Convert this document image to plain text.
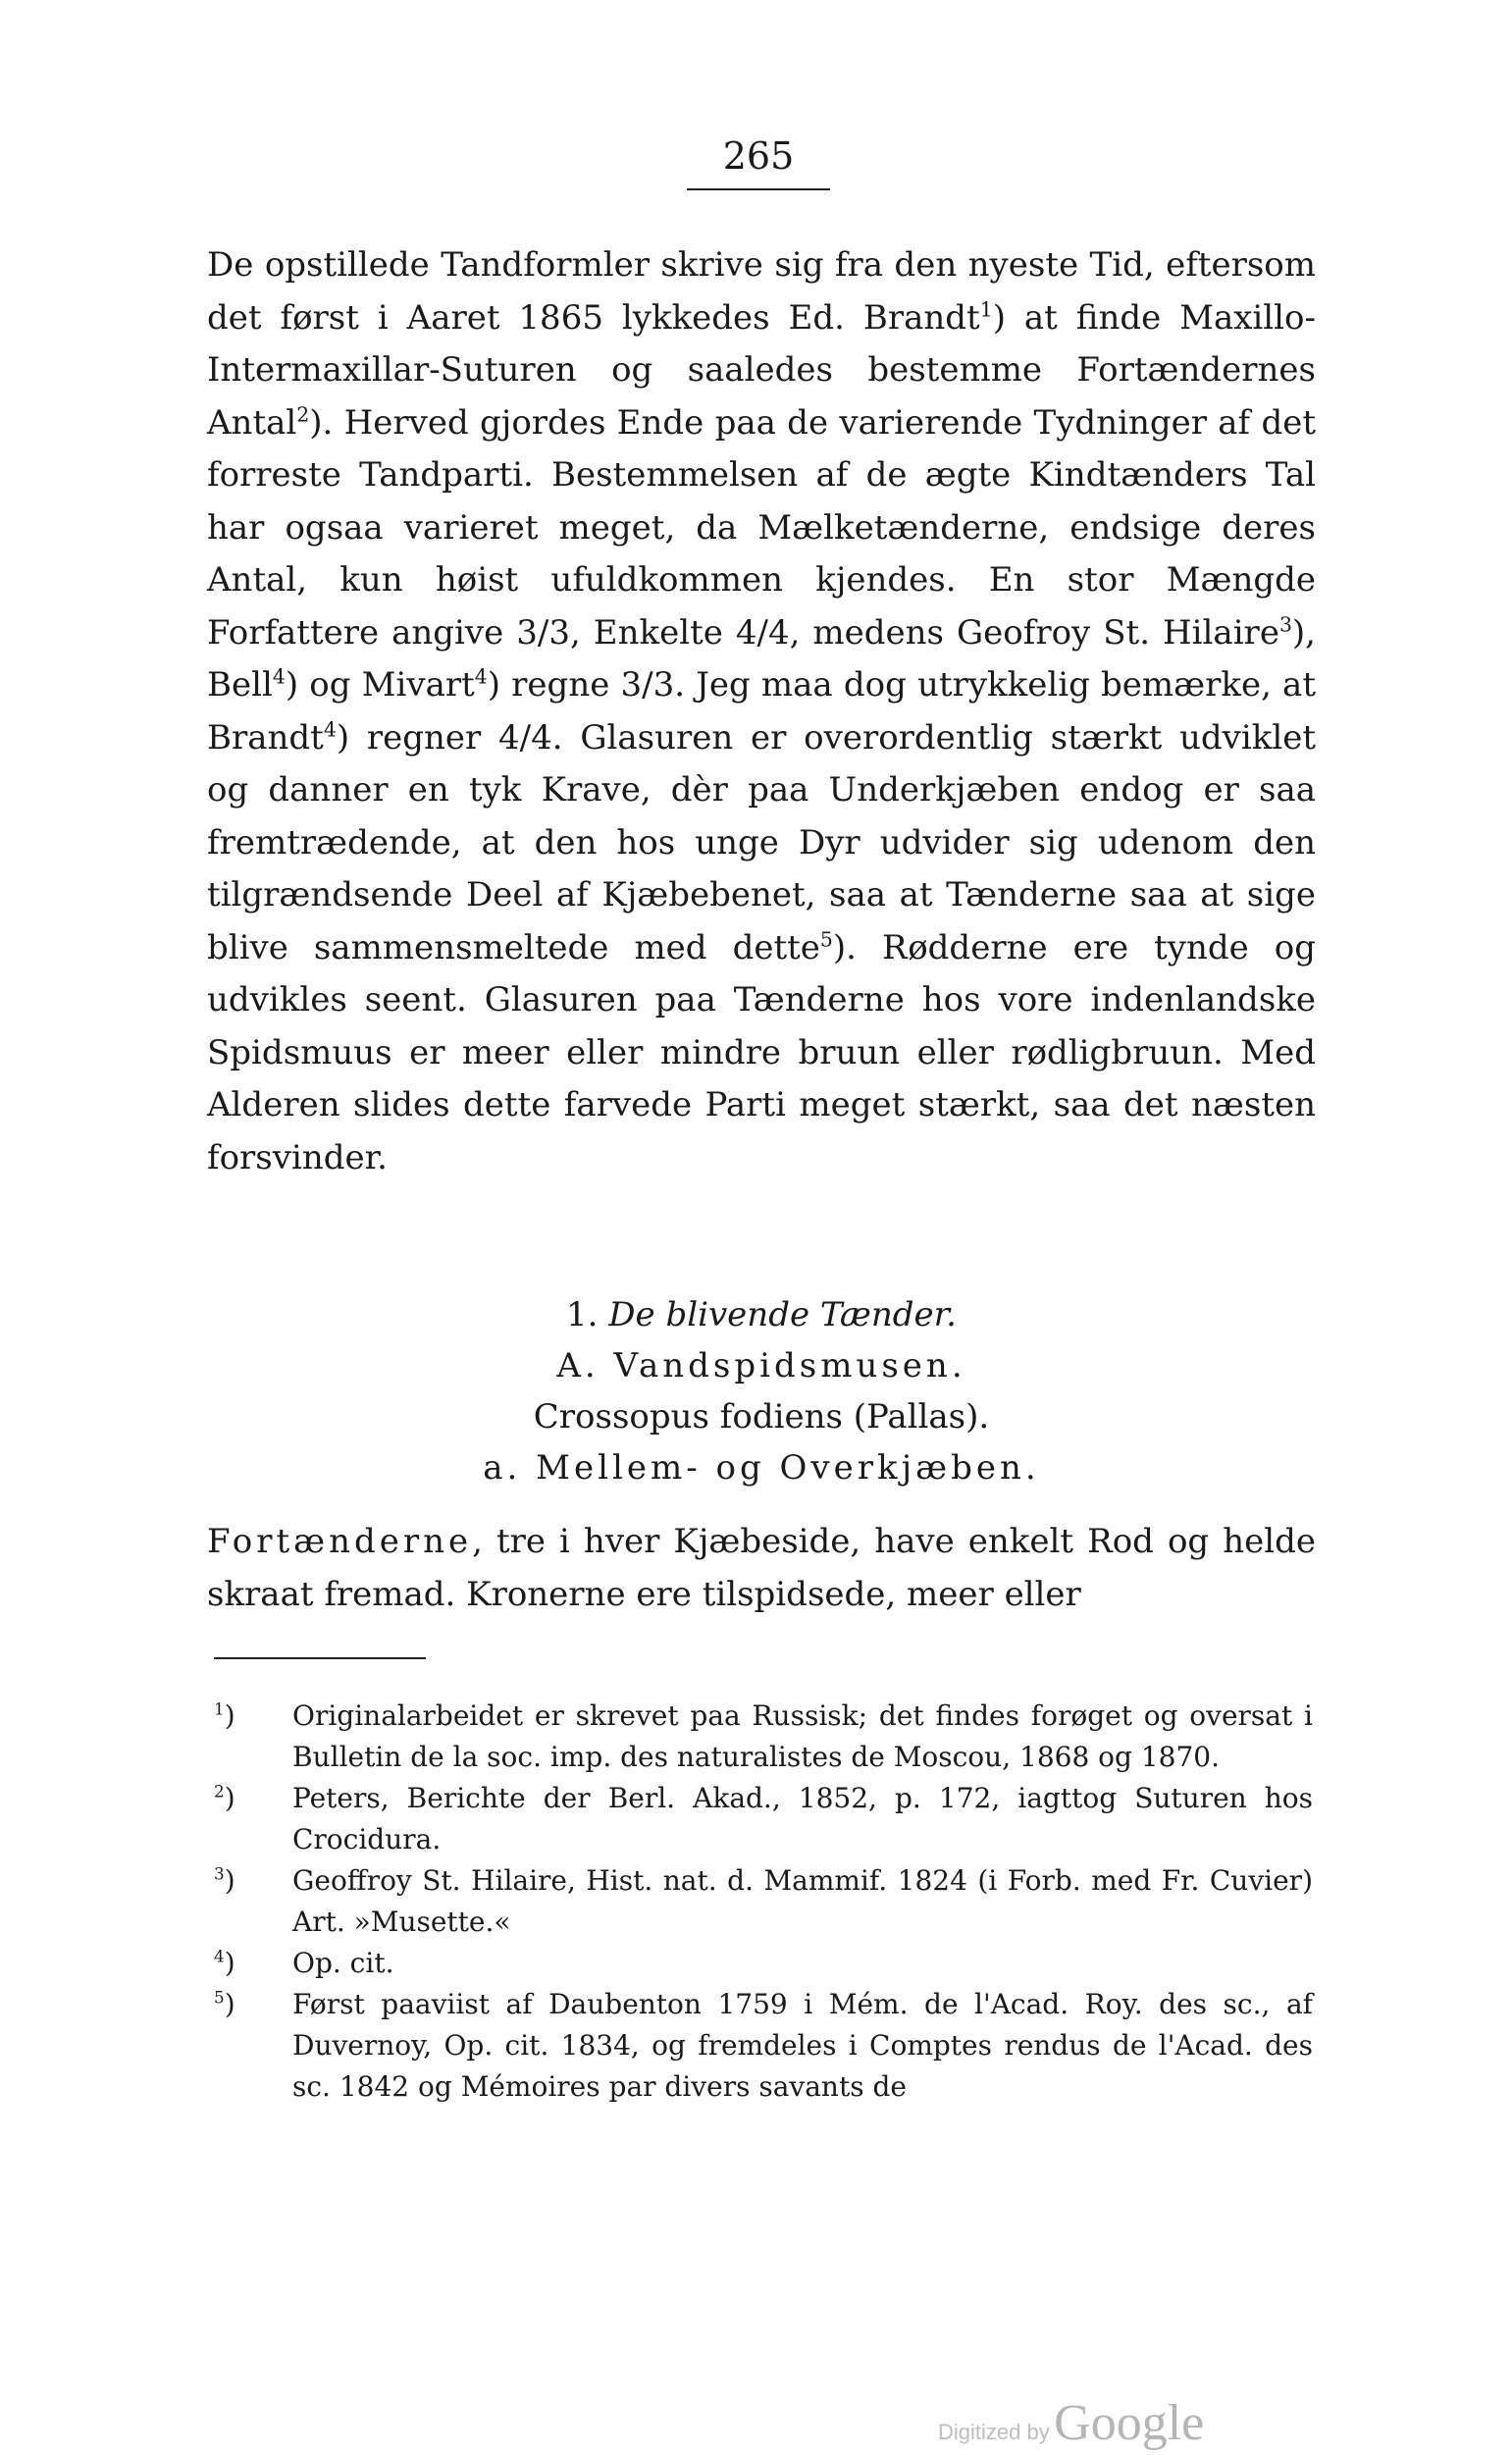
265

De opstillede Tandformler skrive sig fra den nyeste Tid, eftersom det først i Aaret 1865 lykkedes Ed. Brandt$^1$) at finde Maxillo-Intermaxillar-Suturen og saaledes bestemme Fortændernes Antal$^2$). Herved gjordes Ende paa de varierende Tydninger af det forreste Tandparti. Bestemmelsen af de ægte Kindtænders Tal har ogsaa varieret meget, da Mælketænderne, endsige deres Antal, kun høist ufuldkommen kjendes. En stor Mængde Forfattere angive 3/3, Enkelte 4/4, medens Geofroy St. Hilaire$^3$), Bell$^4$) og Mivart$^4$) regne 3/3. Jeg maa dog utrykkelig bemærke, at Brandt$^4$) regner 4/4. Glasuren er overordentlig stærkt udviklet og danner en tyk Krave, dèr paa Underkjæben endog er saa fremtrædende, at den hos unge Dyr udvider sig udenom den tilgrændsende Deel af Kjæbebenet, saa at Tænderne saa at sige blive sammensmeltede med dette$^5$). Rødderne ere tynde og udvikles seent. Glasuren paa Tænderne hos vore indenlandske Spidsmuus er meer eller mindre bruun eller rødligbruun. Med Alderen slides dette farvede Parti meget stærkt, saa det næsten forsvinder.

1. De blivende Tænder.
A. Vandspidsmusen.
Crossopus fodiens (Pallas).
a. Mellem- og Overkjæben.

Fortænderne, tre i hver Kjæbeside, have enkelt Rod og helde skraat fremad. Kronerne ere tilspidsede, meer eller

$^1$) Originalarbeidet er skrevet paa Russisk; det findes forøget og oversat i Bulletin de la soc. imp. des naturalistes de Moscou, 1868 og 1870.
$^2$) Peters, Berichte der Berl. Akad., 1852, p. 172, iagttog Suturen hos Crocidura.
$^3$) Geoffroy St. Hilaire, Hist. nat. d. Mammif. 1824 (i Forb. med Fr. Cuvier) Art. »Musette.«
$^4$) Op. cit.
$^5$) Først paaviist af Daubenton 1759 i Mém. de l'Acad. Roy. des sc., af Duvernoy, Op. cit. 1834, og fremdeles i Comptes rendus de l'Acad. des sc. 1842 og Mémoires par divers savants de
Digitized by Google
